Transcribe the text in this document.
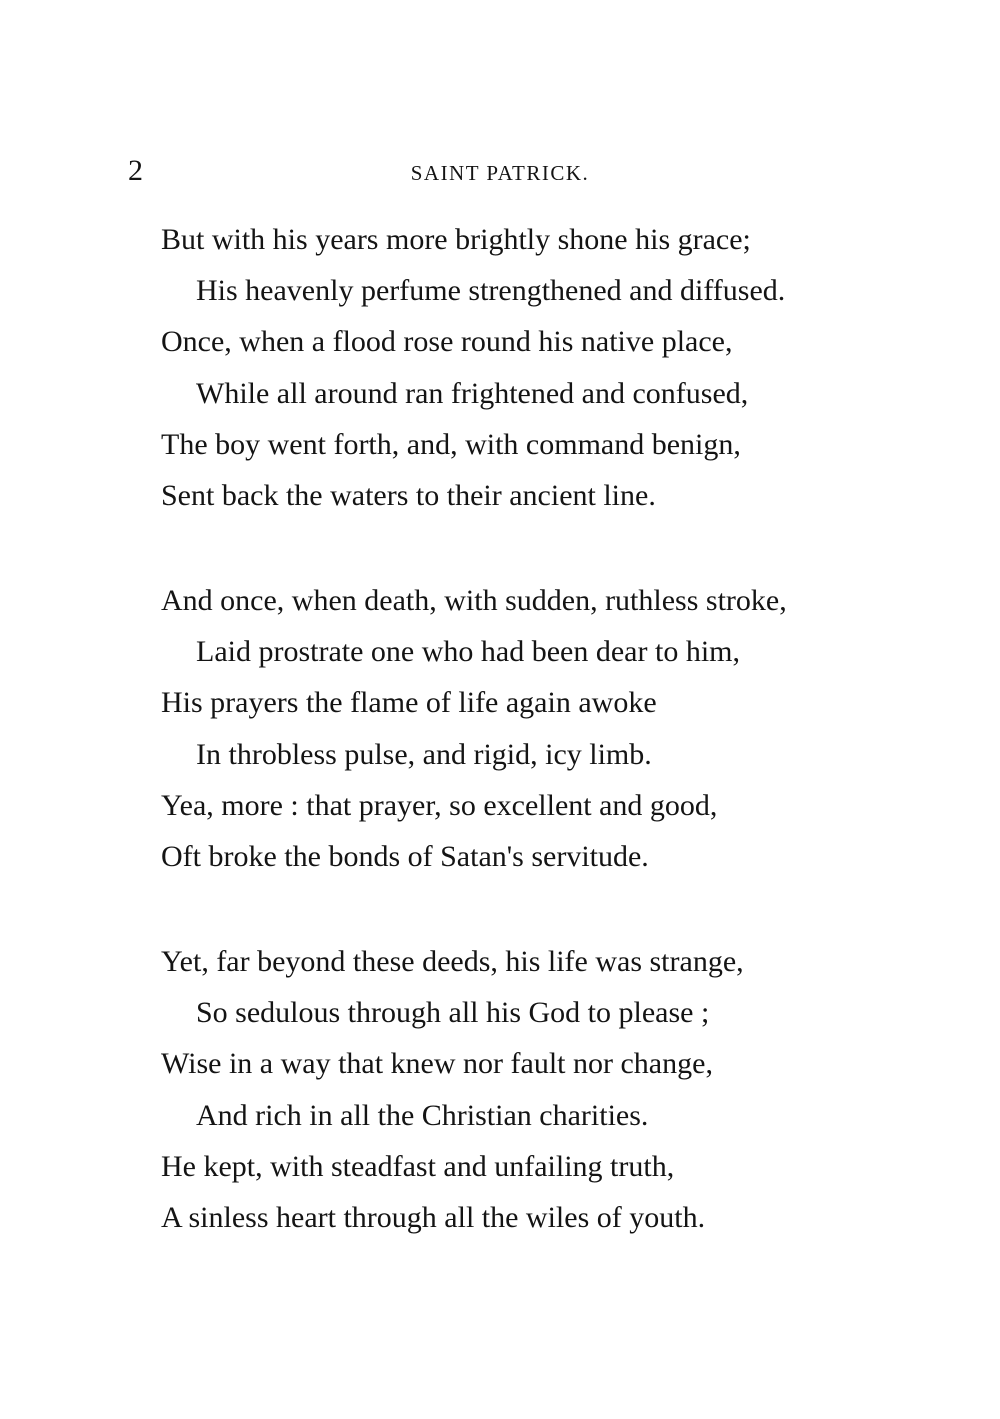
2	SAINT PATRICK.

But with his years more brightly shone his grace;
His heavenly perfume strengthened and diffused.
Once, when a flood rose round his native place,
While all around ran frightened and confused,
The boy went forth, and, with command benign,
Sent back the waters to their ancient line.
And once, when death, with sudden, ruthless stroke,
Laid prostrate one who had been dear to him,
His prayers the flame of life again awoke
In throbless pulse, and rigid, icy limb.
Yea, more : that prayer, so excellent and good,
Oft broke the bonds of Satan's servitude.
Yet, far beyond these deeds, his life was strange,
So sedulous through all his God to please ;
Wise in a way that knew nor fault nor change,
And rich in all the Christian charities.
He kept, with steadfast and unfailing truth,
A sinless heart through all the wiles of youth.
